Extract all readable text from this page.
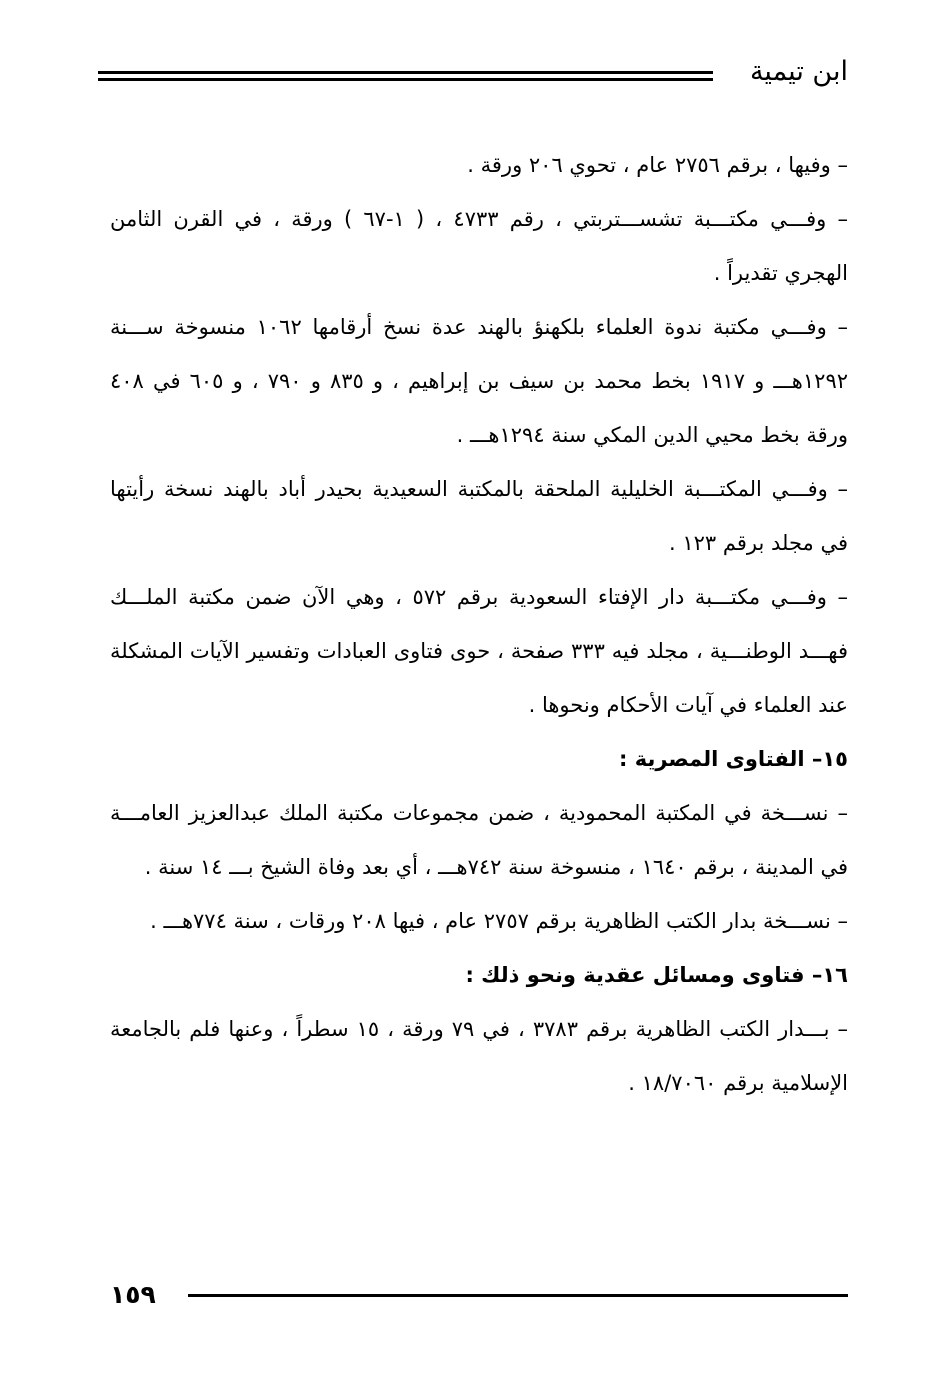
ابن تيمية

– وفيها ، برقم ٢٧٥٦ عام ، تحوي ٢٠٦ ورقة .

– وفـــي مكتـــبة تشســـتربتي ، رقم ٤٧٣٣ ، ( ١-٦٧ ) ورقة ، في القرن الثامن الهجري تقديراً .

– وفـــي مكتبة ندوة العلماء بلكهنؤ بالهند عدة نسخ أرقامها ١٠٦٢ منسوخة ســـنة ١٢٩٢هـــ و ١٩١٧ بخط محمد بن سيف بن إبراهيم ، و ٨٣٥ و ٧٩٠ ، و ٦٠٥ في ٤٠٨ ورقة بخط محيي الدين المكي سنة ١٢٩٤هـــ .

– وفـــي المكتـــبة الخليلية الملحقة بالمكتبة السعيدية بحيدر أباد بالهند نسخة رأيتها في مجلد برقم ١٢٣ .

– وفـــي مكتـــبة دار الإفتاء السعودية برقم ٥٧٢ ، وهي الآن ضمن مكتبة الملـــك فهـــد الوطنـــية ، مجلد فيه ٣٣٣ صفحة ، حوى فتاوى العبادات وتفسير الآيات المشكلة عند العلماء في آيات الأحكام ونحوها .

١٥– الفتاوى المصرية :

– نســـخة في المكتبة المحمودية ، ضمن مجموعات مكتبة الملك عبدالعزيز العامـــة في المدينة ، برقم ١٦٤٠ ، منسوخة سنة ٧٤٢هـــ ، أي بعد وفاة الشيخ بـــ ١٤ سنة .

– نســـخة بدار الكتب الظاهرية برقم ٢٧٥٧ عام ، فيها ٢٠٨ ورقات ، سنة ٧٧٤هـــ .

١٦– فتاوى ومسائل عقدية ونحو ذلك :

– بـــدار الكتب الظاهرية برقم ٣٧٨٣ ، في ٧٩ ورقة ، ١٥ سطراً ، وعنها فلم بالجامعة الإسلامية برقم ١٨/٧٠٦٠ .

١٥٩
